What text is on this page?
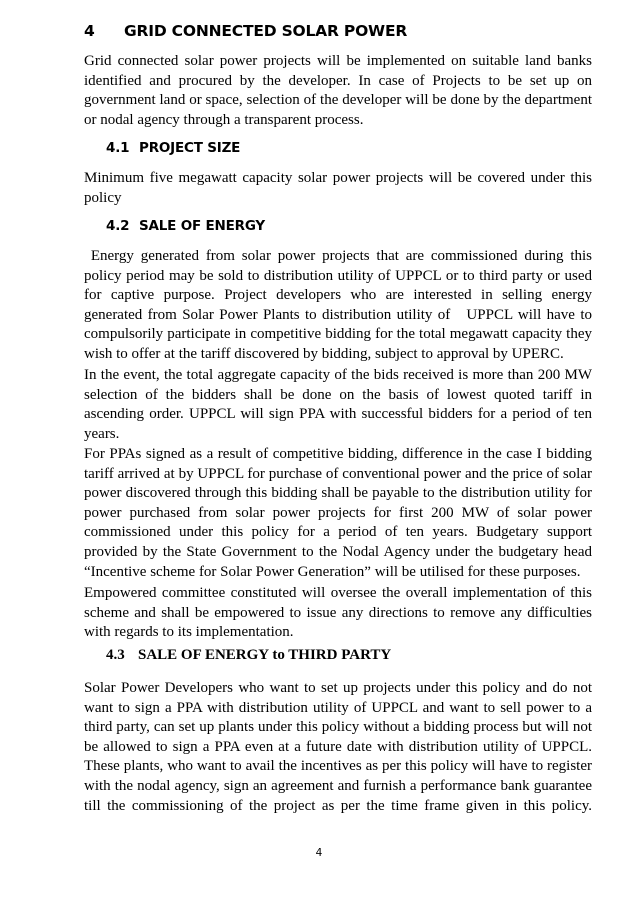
4 GRID CONNECTED SOLAR POWER

Grid connected solar power projects will be implemented on suitable land banks identified and procured by the developer. In case of Projects to be set up on government land or space, selection of the developer will be done by the department or nodal agency through a transparent process.

4.1 PROJECT SIZE

Minimum five megawatt capacity solar power projects will be covered under this policy

4.2 SALE OF ENERGY

Energy generated from solar power projects that are commissioned during this policy period may be sold to distribution utility of UPPCL or to third party or used for captive purpose. Project developers who are interested in selling energy generated from Solar Power Plants to distribution utility of   UPPCL will have to compulsorily participate in competitive bidding for the total megawatt capacity they wish to offer at the tariff discovered by bidding, subject to approval by UPERC.

In the event, the total aggregate capacity of the bids received is more than 200 MW selection of the bidders shall be done on the basis of lowest quoted tariff in ascending order. UPPCL will sign PPA with successful bidders for a period of ten years.

For PPAs signed as a result of competitive bidding, difference in the case I bidding tariff arrived at by UPPCL for purchase of conventional power and the price of solar power discovered through this bidding shall be payable to the distribution utility for power purchased from solar power projects for first 200 MW of solar power commissioned under this policy for a period of ten years. Budgetary support provided by the State Government to the Nodal Agency under the budgetary head “Incentive scheme for Solar Power Generation” will be utilised for these purposes.

Empowered committee constituted will oversee the overall implementation of this scheme and shall be empowered to issue any directions to remove any difficulties with regards to its implementation.

4.3 SALE OF ENERGY to THIRD PARTY

Solar Power Developers who want to set up projects under this policy and do not want to sign a PPA with distribution utility of UPPCL and want to sell power to a third party, can set up plants under this policy without a bidding process but will not be allowed to sign a PPA even at a future date with distribution utility of UPPCL. These plants, who want to avail the incentives as per this policy will have to register with the nodal agency, sign an agreement and furnish a performance bank guarantee till the commissioning of the project as per the time frame given in this policy.

4
